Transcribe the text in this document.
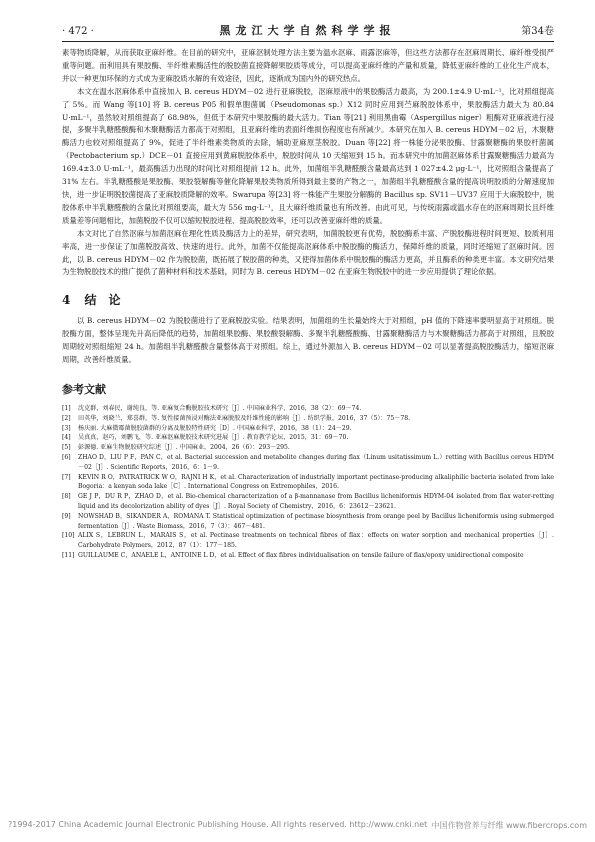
· 472 ·	黑龙江大学自然科学学报	第34卷

素等物质降解，从而获取亚麻纤维。在目前的研究中，亚麻沤制处理方法主要为温水沤麻、雨露沤麻等，但这些方法都存在沤麻周期长、麻纤维受损严重等问题。而利用具有果胶酶、半纤维素酶活性的脱胶菌直接降解果胶质等成分，可以提高亚麻纤维的产量和质量，降低亚麻纤维的工业化生产成本，并以一种更加环保的方式成为亚麻胶质水解的有效途径，因此，逐渐成为国内外的研究热点。

本文在温水沤麻体系中直接加入 B. cereus HDYM－02 进行亚麻脱胶，沤麻原液中的果胶酶活力最高，为 200.1±4.9 U·mL⁻¹，比对照组提高了 5%。而 Wang 等[10] 将 B. cereus P05 和假单胞菌属（Pseudomonas sp.）X12 同时应用到苎麻脱胶体系中，果胶酶活力最大为 80.84 U·mL⁻¹，虽然较对照组提高了 68.98%，但低于本研究中果胶酶的最大活力。Tian 等[21] 利用黑曲霉（Aspergillus niger）粗酶对亚麻液进行浸提，多聚半乳糖醛酸酶和木聚糖酶活力都高于对照组，且亚麻纤维的表面纤维损伤程度也有所减少。本研究在加入 B. cereus HDYM－02 后，木聚糖酶活力也较对照组提高了 9%，促进了半纤维素类物质的去除，辅助亚麻原茎脱胶。Duan 等[22] 将一株能分泌果胶酶、甘露聚糖酶的果胶杆菌属（Pectobacterium sp.）DCE－01 直接应用到黄麻脱胶体系中，脱胶时间从 10 天缩短到 15 h。而本研究中的加菌沤麻体系甘露聚糖酶活力最高为 169.4±3.0 U·mL⁻¹，最高酶活力出现的时间比对照组提前 12 h。此外，加菌组半乳糖醛酸含量最高达到 1 027±4.2 μg·L⁻¹，比对照组含量提高了 31% 左右。半乳糖醛酸是果胶酶、果胶裂解酶等催化降解果胶类物质所得到最主要的产物之一，加菌组半乳糖醛酸含量的提高说明胶质的分解速度加快，进一步证明脱胶菌提高了亚麻胶质降解的效率。Swarupa 等[23] 将一株能产生果胶分解酶的 Bacillus sp. SV11－UV37 应用于大麻脱胶中，脱胶体系中半乳糖醛酸的含量比对照组要高，最大为 556 mg·L⁻¹，且大麻纤维质量也有所改善。由此可见，与传统雨露或温水存在的沤麻周期长且纤维质量差等问题相比，加菌脱胶不仅可以缩短脱胶进程、提高脱胶效率，还可以改善亚麻纤维的质量。

本文对比了自然沤麻与加菌沤麻在理化性质及酶活力上的差异，研究表明，加菌脱胶更有优势，脱胶酶系丰富、产脱胶酶进程时间更短、胶质利用率高，进一步保证了加菌脱胶高效、快速的进行。此外，加菌不仅能提高沤麻体系中脱胶酶的酶活力，保障纤维的质量，同时还缩短了沤麻时间。因此，以 B. cereus HDYM－02 作为脱胶菌，既拓展了脱胶菌的种类，又使得加菌体系中脱胶酶的酶活力更高，并且酶系的种类更丰富。本文研究结果为生物脱胶技术的推广提供了菌种材料和技术基础，同时为 B. cereus HDYM－02 在亚麻生物脱胶中的进一步应用提供了理论依据。

4 结　论

以 B. cereus HDYM－02 为脱胶菌进行了亚麻脱胶实验。结果表明，加菌组的生长量始终大于对照组，pH 值的下降速率要明显高于对照组。脱胶酶方面，整体呈现先升高后降低的趋势，加菌组果胶酶、果胶酸裂解酶、多聚半乳糖醛酸酶、甘露聚糖酶活力与木聚糖酶活力都高于对照组，且脱胶周期较对照组缩短 24 h。加菌组半乳糖醛酸含量整体高于对照组。综上，通过外源加入 B. cereus HDYM－02 可以显著提高脱胶酶活力，缩短沤麻周期，改善纤维质量。

参考文献
[1]	沈克群，刘春民，谢纯良，等. 亚麻复合酶脱胶技术研究［J］. 中国麻业科学，2016，38（2）：69－74.
[2]	田英华，刘晓兰，郑喜群，等. 复性接菌预浸对酶法亚麻脱胶及纤维性能的影响［J］. 纺织学报，2016，37（5）：75－78.
[3]	杨庆丽. 大麻微霉菌脱胶菌群的分离及脱胶特性研究［D］. 中国麻业科学，2016，38（1）：24－29.
[4]	吴真真，赵巧，刘鹏飞，等. 亚麻沤麻脱胶技术研究进展［J］. 教育教学论坛，2015，31：69－70.
[5]	彭源德. 亚麻生物脱胶研究综述［J］. 中国麻业，2004，26（6）：293－295.
[6]	ZHAO D，LIU P F，PAN C，et al. Bacterial succession and metabolite changes during flax（Linum usitatissimum L.）retting with Bacillus cereus HDYM－02［J］. Scientific Reports，2016，6：1－9.
[7]	KEVIN R O，PATRATRICK W O，RAJNI H K，et al. Characterization of industrially important pectinase-producing alkaliphilic bacteria isolated from lake Bogoria：a kenyan soda lake［C］. International Congress on Extremophiles，2016.
[8]	GE J P，DU R P，ZHAO D，et al. Bio-chemical characterization of a β-mannanase from Bacillus licheniformis HDYM-04 isolated from flax water-retting liquid and its decolorization ability of dyes［J］. Royal Society of Chemistry，2016，6：23612－23621.
[9]	NOWSHAD B，SIKANDER A，ROMANA T. Statistical optimization of pectinase biosynthesis from orange peel by Bacillus licheniformis using submerged fermentation［J］. Waste Biomass，2016，7（3）：467－481.
[10] ALIX S，LEBRUN L，MARAIS S，et al. Pectinase treatments on technical fibres of flax：effects on water sorption and mechanical properties［J］. Carbohydrate Polymers，2012，87（1）：177－185.
[11] GUILLAUME C，ANAELE L，ANTOINE L D，et al. Effect of flax fibres individualisation on tensile failure of flax/epoxy unidirectional composite
?1994-2017 China Academic Journal Electronic Publishing House. All rights reserved. http://www.cnki.net 中国作物营养与纤维 www.fibercrops.com
